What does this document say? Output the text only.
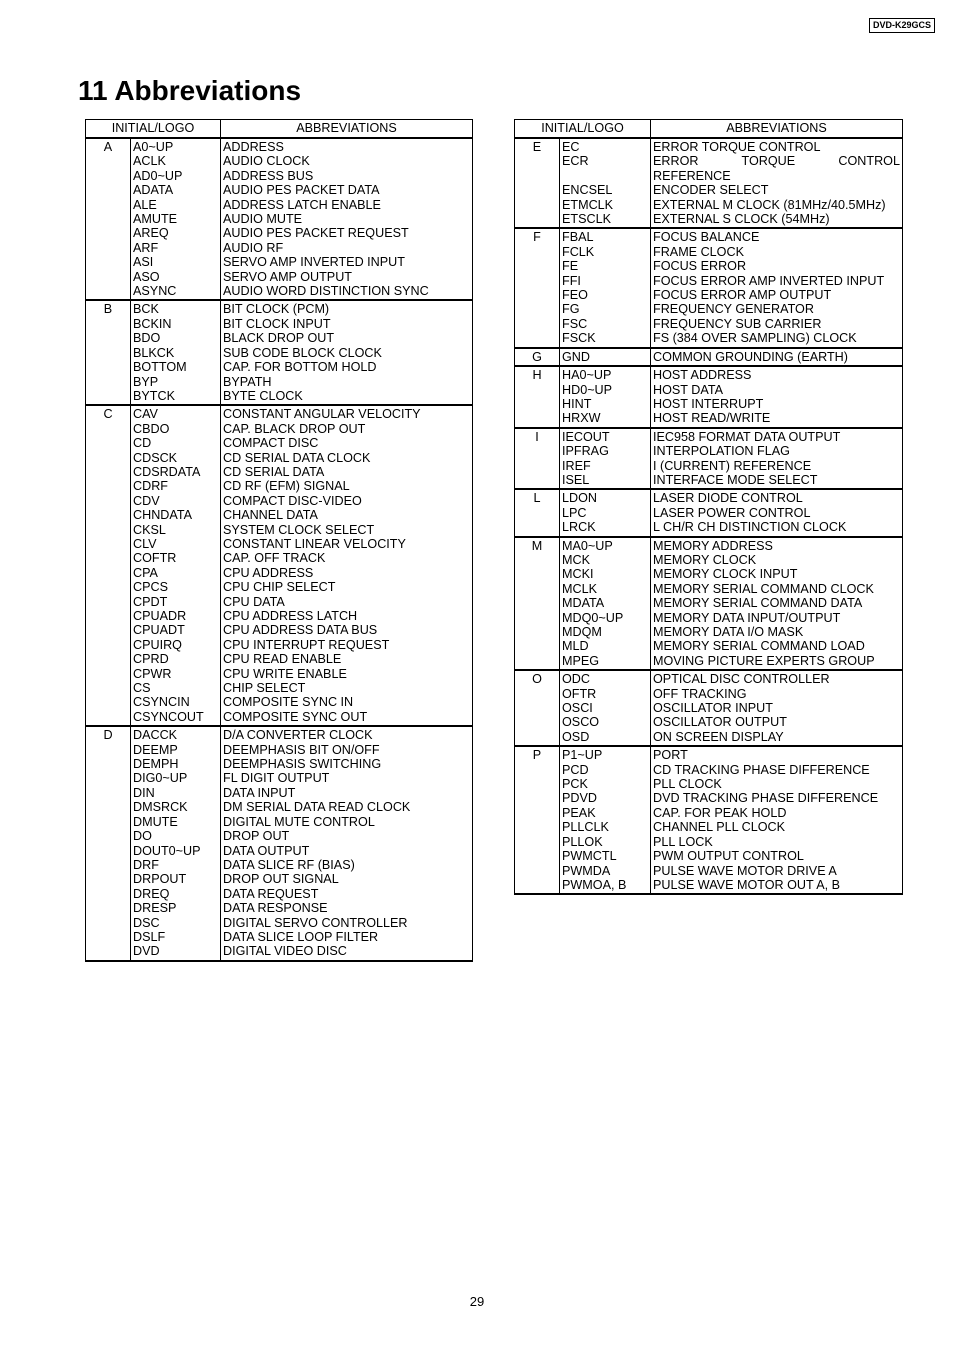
DVD-K29GCS
11 Abbreviations
INITIAL/LOGO		ABBREVIATIONS
A	A0~UP	ADDRESS
	ACLK	AUDIO CLOCK
	AD0~UP	ADDRESS BUS
	ADATA	AUDIO PES PACKET DATA
	ALE	ADDRESS LATCH ENABLE
	AMUTE	AUDIO MUTE
	AREQ	AUDIO PES PACKET REQUEST
	ARF	AUDIO RF
	ASI	SERVO AMP INVERTED INPUT
	ASO	SERVO AMP OUTPUT
	ASYNC	AUDIO WORD DISTINCTION SYNC
B	BCK	BIT CLOCK (PCM)
	BCKIN	BIT CLOCK INPUT
	BDO	BLACK DROP OUT
	BLKCK	SUB CODE BLOCK CLOCK
	BOTTOM	CAP. FOR BOTTOM HOLD
	BYP	BYPATH
	BYTCK	BYTE CLOCK
C	CAV	CONSTANT ANGULAR VELOCITY
	CBDO	CAP. BLACK DROP OUT
	CD	COMPACT DISC
	CDSCK	CD SERIAL DATA CLOCK
	CDSRDATA	CD SERIAL DATA
	CDRF	CD RF (EFM) SIGNAL
	CDV	COMPACT DISC-VIDEO
	CHNDATA	CHANNEL DATA
	CKSL	SYSTEM CLOCK SELECT
	CLV	CONSTANT LINEAR VELOCITY
	COFTR	CAP. OFF TRACK
	CPA	CPU ADDRESS
	CPCS	CPU CHIP SELECT
	CPDT	CPU DATA
	CPUADR	CPU ADDRESS LATCH
	CPUADT	CPU ADDRESS DATA BUS
	CPUIRQ	CPU INTERRUPT REQUEST
	CPRD	CPU READ ENABLE
	CPWR	CPU WRITE ENABLE
	CS	CHIP SELECT
	CSYNCIN	COMPOSITE SYNC IN
	CSYNCOUT	COMPOSITE SYNC OUT
D	DACCK	D/A CONVERTER CLOCK
	DEEMP	DEEMPHASIS BIT ON/OFF
	DEMPH	DEEMPHASIS SWITCHING
	DIG0~UP	FL DIGIT OUTPUT
	DIN	DATA INPUT
	DMSRCK	DM SERIAL DATA READ CLOCK
	DMUTE	DIGITAL MUTE CONTROL
	DO	DROP OUT
	DOUT0~UP	DATA OUTPUT
	DRF	DATA SLICE RF (BIAS)
	DRPOUT	DROP OUT SIGNAL
	DREQ	DATA REQUEST
	DRESP	DATA RESPONSE
	DSC	DIGITAL SERVO CONTROLLER
	DSLF	DATA SLICE LOOP FILTER
	DVD	DIGITAL VIDEO DISC
INITIAL/LOGO		ABBREVIATIONS
E	EC	ERROR TORQUE CONTROL
	ECR	ERROR TORQUE CONTROL
		REFERENCE
	ENCSEL	ENCODER SELECT
	ETMCLK	EXTERNAL M CLOCK (81MHz/40.5MHz)
	ETSCLK	EXTERNAL S CLOCK (54MHz)
F	FBAL	FOCUS BALANCE
	FCLK	FRAME CLOCK
	FE	FOCUS ERROR
	FFI	FOCUS ERROR AMP INVERTED INPUT
	FEO	FOCUS ERROR AMP OUTPUT
	FG	FREQUENCY GENERATOR
	FSC	FREQUENCY SUB CARRIER
	FSCK	FS (384 OVER SAMPLING) CLOCK
G	GND	COMMON GROUNDING (EARTH)
H	HA0~UP	HOST ADDRESS
	HD0~UP	HOST DATA
	HINT	HOST INTERRUPT
	HRXW	HOST READ/WRITE
I	IECOUT	IEC958 FORMAT DATA OUTPUT
	IPFRAG	INTERPOLATION FLAG
	IREF	I (CURRENT) REFERENCE
	ISEL	INTERFACE MODE SELECT
L	LDON	LASER DIODE CONTROL
	LPC	LASER POWER CONTROL
	LRCK	L CH/R CH DISTINCTION CLOCK
M	MA0~UP	MEMORY ADDRESS
	MCK	MEMORY CLOCK
	MCKI	MEMORY CLOCK INPUT
	MCLK	MEMORY SERIAL COMMAND CLOCK
	MDATA	MEMORY SERIAL COMMAND DATA
	MDQ0~UP	MEMORY DATA INPUT/OUTPUT
	MDQM	MEMORY DATA I/O MASK
	MLD	MEMORY SERIAL COMMAND LOAD
	MPEG	MOVING PICTURE EXPERTS GROUP
O	ODC	OPTICAL DISC CONTROLLER
	OFTR	OFF TRACKING
	OSCI	OSCILLATOR INPUT
	OSCO	OSCILLATOR OUTPUT
	OSD	ON SCREEN DISPLAY
P	P1~UP	PORT
	PCD	CD TRACKING PHASE DIFFERENCE
	PCK	PLL CLOCK
	PDVD	DVD TRACKING PHASE DIFFERENCE
	PEAK	CAP. FOR PEAK HOLD
	PLLCLK	CHANNEL PLL CLOCK
	PLLOK	PLL LOCK
	PWMCTL	PWM OUTPUT CONTROL
	PWMDA	PULSE WAVE MOTOR DRIVE A
	PWMOA, B	PULSE WAVE MOTOR OUT A, B
29
